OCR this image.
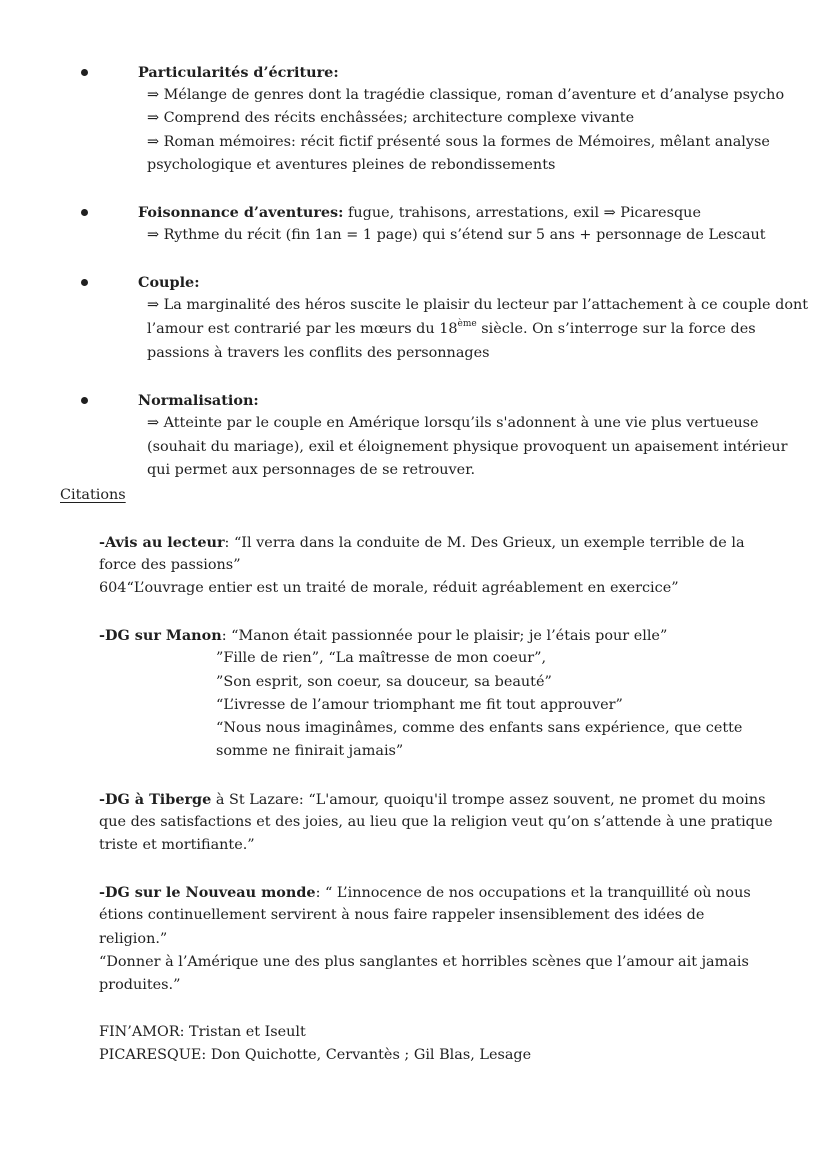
Particularités d’écriture:
⇒ Mélange de genres dont la tragédie classique, roman d’aventure et d’analyse psycho
⇒ Comprend des récits enchâssées; architecture complexe vivante
⇒ Roman mémoires: récit fictif présenté sous la formes de Mémoires, mêlant analyse
psychologique et aventures pleines de rebondissements
Foisonnance d’aventures: fugue, trahisons, arrestations, exil ⇒ Picaresque
⇒ Rythme du récit (fin 1an = 1 page) qui s’étend sur 5 ans + personnage de Lescaut
Couple:
⇒ La marginalité des héros suscite le plaisir du lecteur par l’attachement à ce couple dont
l’amour est contrarié par les mœurs du 18ème siècle. On s’interroge sur la force des
passions à travers les conflits des personnages
Normalisation:
⇒ Atteinte par le couple en Amérique lorsqu’ils s'adonnent à une vie plus vertueuse
(souhait du mariage), exil et éloignement physique provoquent un apaisement intérieur
qui permet aux personnages de se retrouver.
Citations
-Avis au lecteur: “Il verra dans la conduite de M. Des Grieux, un exemple terrible de la
force des passions”
604“L’ouvrage entier est un traité de morale, réduit agréablement en exercice”
-DG sur Manon: “Manon était passionnée pour le plaisir; je l’étais pour elle”
”Fille de rien”, “La maîtresse de mon coeur”,
”Son esprit, son coeur, sa douceur, sa beauté”
“L’ivresse de l’amour triomphant me fit tout approuver”
“Nous nous imaginâmes, comme des enfants sans expérience, que cette
somme ne finirait jamais”
-DG à Tiberge à St Lazare: “L'amour, quoiqu'il trompe assez souvent, ne promet du moins
que des satisfactions et des joies, au lieu que la religion veut qu’on s’attende à une pratique
triste et mortifiante.”
-DG sur le Nouveau monde: “ L’innocence de nos occupations et la tranquillité où nous
étions continuellement servirent à nous faire rappeler insensiblement des idées de
religion.”
“Donner à l’Amérique une des plus sanglantes et horribles scènes que l’amour ait jamais
produites.”
FIN’AMOR: Tristan et Iseult
PICARESQUE: Don Quichotte, Cervantès ; Gil Blas, Lesage
